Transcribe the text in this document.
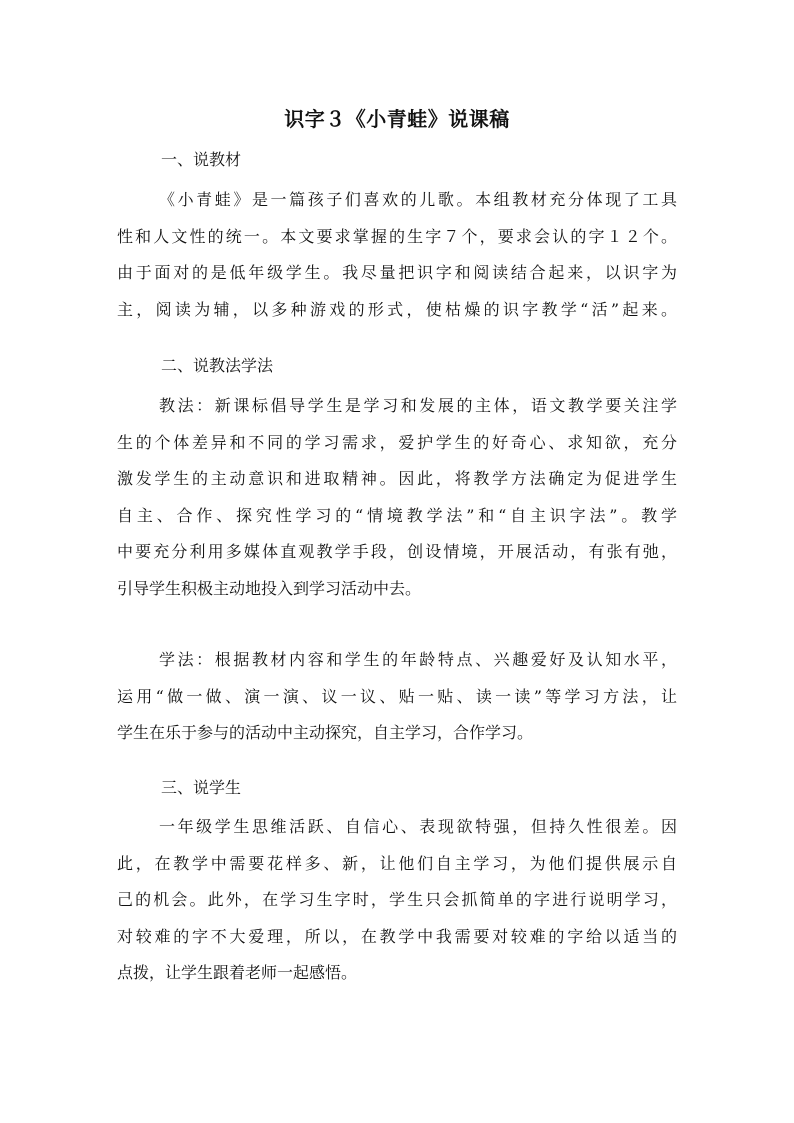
识字３《小青蛙》说课稿
一、说教材
《小青蛙》是一篇孩子们喜欢的儿歌。本组教材充分体现了工具
性和人文性的统一。本文要求掌握的生字７个，要求会认的字１２个。
由于面对的是低年级学生。我尽量把识字和阅读结合起来，以识字为
主，阅读为辅，以多种游戏的形式，使枯燥的识字教学“活”起来。
二、说教法学法
教法：新课标倡导学生是学习和发展的主体，语文教学要关注学
生的个体差异和不同的学习需求，爱护学生的好奇心、求知欲，充分
激发学生的主动意识和进取精神。因此，将教学方法确定为促进学生
自主、合作、探究性学习的“情境教学法”和“自主识字法”。教学
中要充分利用多媒体直观教学手段，创设情境，开展活动，有张有弛，
引导学生积极主动地投入到学习活动中去。
学法：根据教材内容和学生的年龄特点、兴趣爱好及认知水平，
运用“做一做、演一演、议一议、贴一贴、读一读”等学习方法，让
学生在乐于参与的活动中主动探究，自主学习，合作学习。
三、说学生
一年级学生思维活跃、自信心、表现欲特强，但持久性很差。因
此，在教学中需要花样多、新，让他们自主学习，为他们提供展示自
己的机会。此外，在学习生字时，学生只会抓简单的字进行说明学习，
对较难的字不大爱理，所以，在教学中我需要对较难的字给以适当的
点拨，让学生跟着老师一起感悟。
